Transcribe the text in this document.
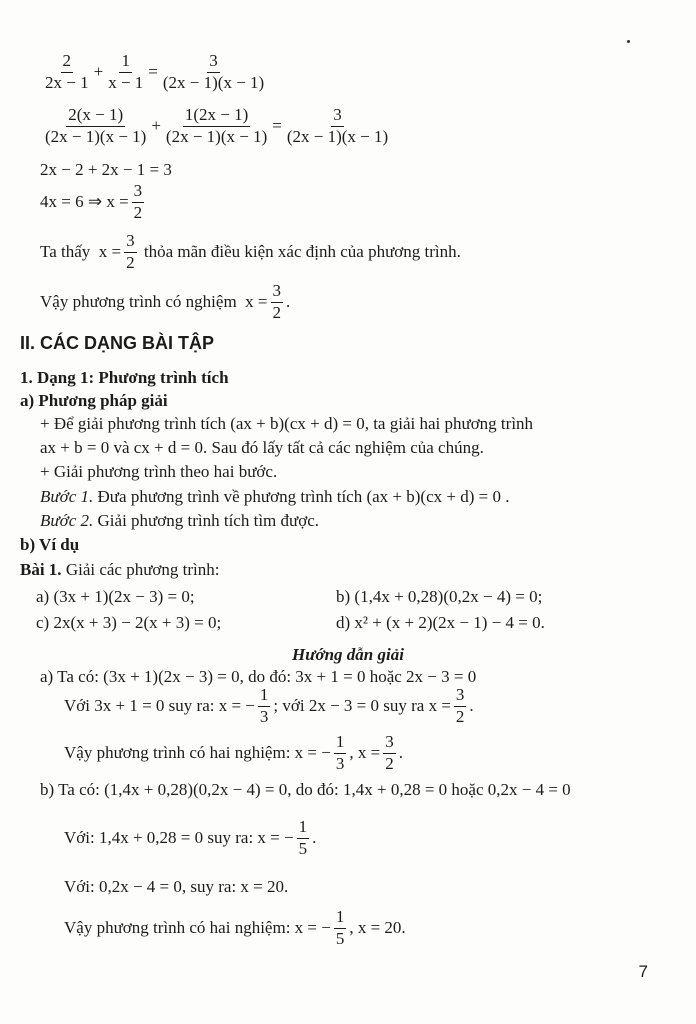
$\frac{2}{2x - 1} + \frac{1}{x - 1} = \frac{3}{(2x - 1)(x - 1)}$
$\frac{2(x - 1)}{(2x - 1)(x - 1)} + \frac{1(2x - 1)}{(2x - 1)(x - 1)} = \frac{3}{(2x - 1)(x - 1)}$
2x − 2 + 2x − 1 = 3
4x = 6 ⇒ $x = \frac{3}{2}$
Ta thấy
$x = \frac{3}{2}$
thỏa mãn điều kiện xác định của phương trình.
Vậy phương trình có nghiệm
$x = \frac{3}{2}$ .
II. CÁC DẠNG BÀI TẬP
1. Dạng 1: Phương trình tích
a) Phương pháp giải
+ Để giải phương trình tích (ax + b)(cx + d) = 0, ta giải hai phương trình
ax + b = 0 và cx + d = 0. Sau đó lấy tất cả các nghiệm của chúng.
+ Giải phương trình theo hai bước.
Bước 1.
Đưa phương trình về phương trình tích (ax + b)(cx + d) = 0 .
Bước 2.
Giải phương trình tích tìm được.
b) Ví dụ
Bài 1.
Giải các phương trình:
a) (3x + 1)(2x − 3) = 0;	b) (1,4x + 0,28)(0,2x − 4) = 0;
c) 2x(x + 3) − 2(x + 3) = 0;	d) x² + (x + 2)(2x − 1) − 4 = 0.
Hướng dẫn giải
a) Ta có: (3x + 1)(2x − 3) = 0, do đó: 3x + 1 = 0 hoặc 2x − 3 = 0
Với 3x + 1 = 0 suy ra: x = − $\frac{1}{3}$ ; với 2x − 3 = 0 suy ra $x = \frac{3}{2}$ .
Vậy phương trình có hai nghiệm: x = − $\frac{1}{3}$ , $x = \frac{3}{2}$ .
b) Ta có: (1,4x + 0,28)(0,2x − 4) = 0, do đó: 1,4x + 0,28 = 0 hoặc 0,2x − 4 = 0
Với: 1,4x + 0,28 = 0 suy ra: x = − $\frac{1}{5}$ .
Với: 0,2x − 4 = 0, suy ra: x = 20.
Vậy phương trình có hai nghiệm: x = − $\frac{1}{5}$ , x = 20.
7
